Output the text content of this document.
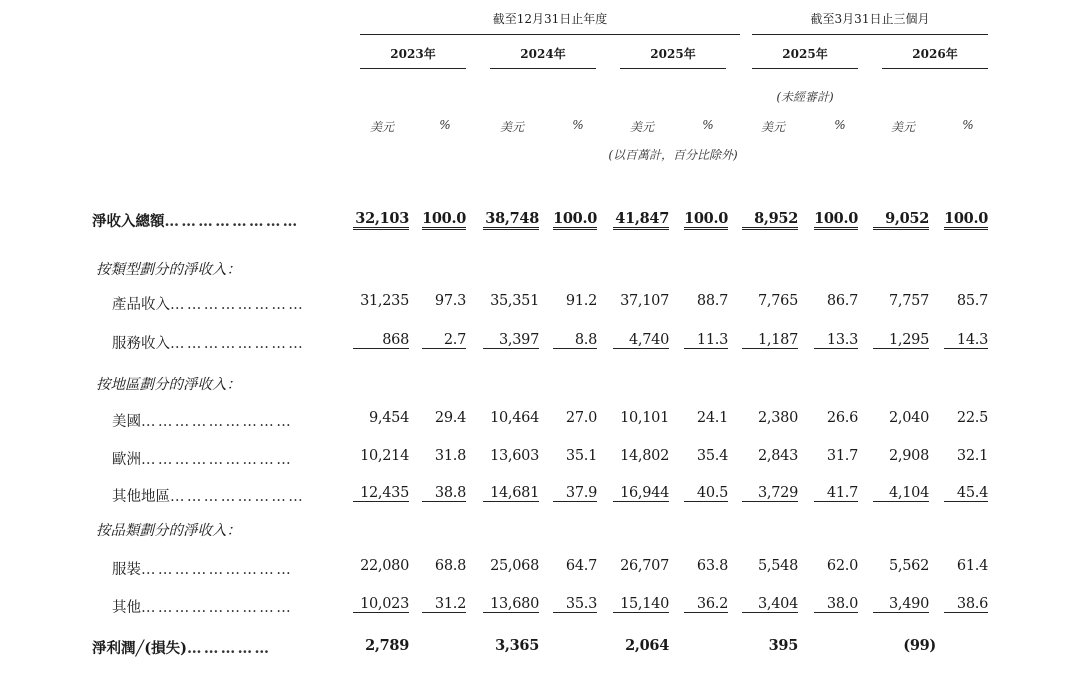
截至12月31日止年度	截至3月31日止三個月
2023年	2024年	2025年	2025年	2026年
(未經審計)
美元	%	美元	%	美元	%	美元	%	美元	%
(以百萬計，百分比除外)
淨收入總額……………………	32,103 100.0 38,748 100.0 41,847 100.0	8,952 100.0	9,052 100.0
按類型劃分的淨收入：
產品收入……………………	31,235 97.3 35,351 91.2 37,107 88.7 7,765 86.7 7,757 85.7
服務收入……………………	868	2.7	3,397	8.8	4,740	11.3	1,187	13.3	1,295	14.3
按地區劃分的淨收入：
美國………………………	9,454 29.4 10,464 27.0 10,101 24.1 2,380 26.6 2,040 22.5
歐洲………………………	10,214 31.8 13,603 35.1 14,802 35.4 2,843 31.7 2,908 32.1
其他地區……………………	12,435	38.8	14,681	37.9	16,944	40.5	3,729	41.7	4,104	45.4
按品類劃分的淨收入：
服裝………………………	22,080 68.8 25,068 64.7 26,707 63.8 5,548 62.0 5,562 61.4
其他………………………	10,023	31.2	13,680	35.3	15,140	36.2	3,404	38.0	3,490	38.6
淨利潤╱(損失)……………	2,789	3,365	2,064	395	(99)
